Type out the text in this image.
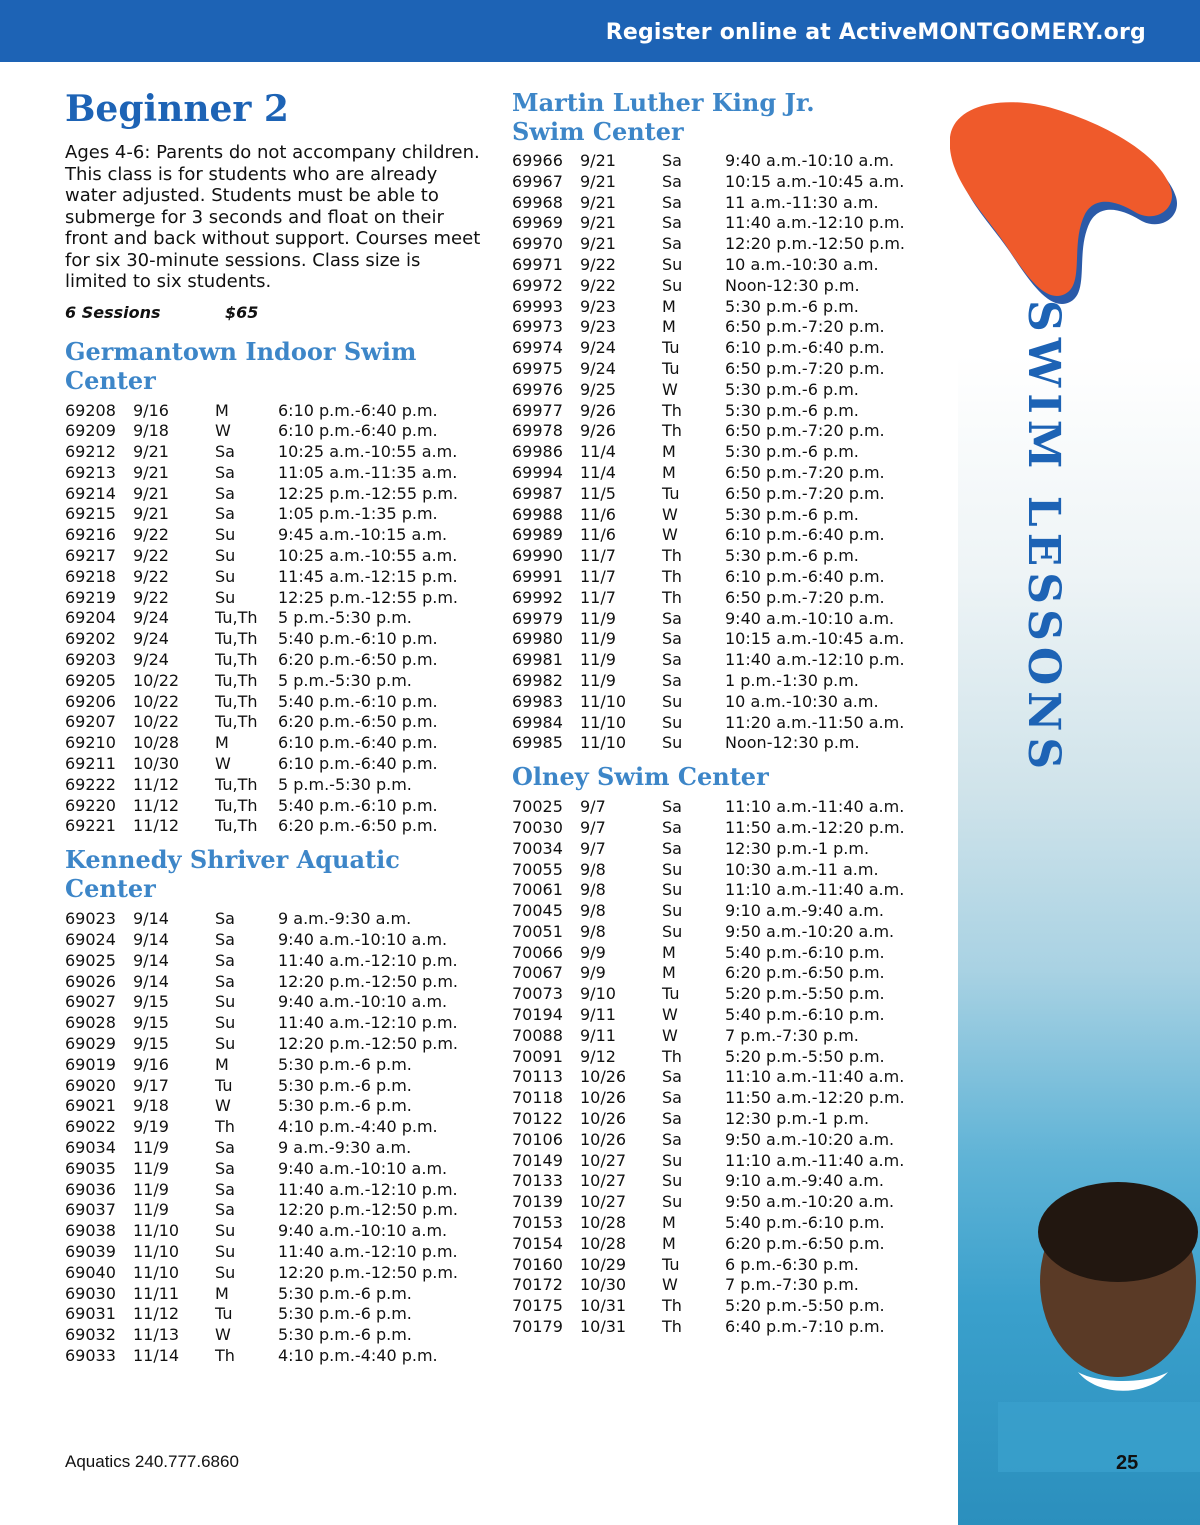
Register online at ActiveMONTGOMERY.org
Beginner 2

Ages 4-6: Parents do not accompany children. This class is for students who are already water adjusted. Students must be able to submerge for 3 seconds and float on their front and back without support. Courses meet for six 30-minute sessions. Class size is limited to six students.

6 Sessions	$65
Germantown Indoor Swim Center
69208 9/16	M	6:10 p.m.-6:40 p.m.
69209 9/18	W	6:10 p.m.-6:40 p.m.
69212 9/21	Sa	10:25 a.m.-10:55 a.m.
69213 9/21	Sa	11:05 a.m.-11:35 a.m.
69214 9/21	Sa	12:25 p.m.-12:55 p.m.
69215 9/21	Sa	1:05 p.m.-1:35 p.m.
69216 9/22	Su	9:45 a.m.-10:15 a.m.
69217 9/22	Su	10:25 a.m.-10:55 a.m.
69218 9/22	Su	11:45 a.m.-12:15 p.m.
69219 9/22	Su	12:25 p.m.-12:55 p.m.
69204 9/24	Tu,Th 5 p.m.-5:30 p.m.
69202 9/24	Tu,Th 5:40 p.m.-6:10 p.m.
69203 9/24	Tu,Th 6:20 p.m.-6:50 p.m.
69205 10/22 Tu,Th 5 p.m.-5:30 p.m.
69206 10/22 Tu,Th 5:40 p.m.-6:10 p.m.
69207 10/22 Tu,Th 6:20 p.m.-6:50 p.m.
69210 10/28 M	6:10 p.m.-6:40 p.m.
69211 10/30 W	6:10 p.m.-6:40 p.m.
69222 11/12 Tu,Th 5 p.m.-5:30 p.m.
69220 11/12 Tu,Th 5:40 p.m.-6:10 p.m.
69221 11/12 Tu,Th 6:20 p.m.-6:50 p.m.
Kennedy Shriver Aquatic Center
69023 9/14	Sa	9 a.m.-9:30 a.m.
69024 9/14	Sa	9:40 a.m.-10:10 a.m.
69025 9/14	Sa	11:40 a.m.-12:10 p.m.
69026 9/14	Sa	12:20 p.m.-12:50 p.m.
69027 9/15	Su	9:40 a.m.-10:10 a.m.
69028 9/15	Su	11:40 a.m.-12:10 p.m.
69029 9/15	Su	12:20 p.m.-12:50 p.m.
69019 9/16	M	5:30 p.m.-6 p.m.
69020 9/17	Tu	5:30 p.m.-6 p.m.
69021 9/18	W	5:30 p.m.-6 p.m.
69022 9/19	Th	4:10 p.m.-4:40 p.m.
69034 11/9	Sa	9 a.m.-9:30 a.m.
69035 11/9	Sa	9:40 a.m.-10:10 a.m.
69036 11/9	Sa	11:40 a.m.-12:10 p.m.
69037 11/9	Sa	12:20 p.m.-12:50 p.m.
69038 11/10 Su	9:40 a.m.-10:10 a.m.
69039 11/10 Su	11:40 a.m.-12:10 p.m.
69040 11/10 Su	12:20 p.m.-12:50 p.m.
69030 11/11 M	5:30 p.m.-6 p.m.
69031 11/12 Tu	5:30 p.m.-6 p.m.
69032 11/13 W	5:30 p.m.-6 p.m.
69033 11/14 Th	4:10 p.m.-4:40 p.m.
Martin Luther King Jr. Swim Center
69966 9/21	Sa	9:40 a.m.-10:10 a.m.
69967 9/21	Sa	10:15 a.m.-10:45 a.m.
69968 9/21	Sa	11 a.m.-11:30 a.m.
69969 9/21	Sa	11:40 a.m.-12:10 p.m.
69970 9/21	Sa	12:20 p.m.-12:50 p.m.
69971 9/22	Su	10 a.m.-10:30 a.m.
69972 9/22	Su	Noon-12:30 p.m.
69993 9/23	M	5:30 p.m.-6 p.m.
69973 9/23	M	6:50 p.m.-7:20 p.m.
69974 9/24	Tu	6:10 p.m.-6:40 p.m.
69975 9/24	Tu	6:50 p.m.-7:20 p.m.
69976 9/25	W	5:30 p.m.-6 p.m.
69977 9/26	Th	5:30 p.m.-6 p.m.
69978 9/26	Th	6:50 p.m.-7:20 p.m.
69986 11/4	M	5:30 p.m.-6 p.m.
69994 11/4	M	6:50 p.m.-7:20 p.m.
69987 11/5	Tu	6:50 p.m.-7:20 p.m.
69988 11/6	W	5:30 p.m.-6 p.m.
69989 11/6	W	6:10 p.m.-6:40 p.m.
69990 11/7	Th	5:30 p.m.-6 p.m.
69991 11/7	Th	6:10 p.m.-6:40 p.m.
69992 11/7	Th	6:50 p.m.-7:20 p.m.
69979 11/9	Sa	9:40 a.m.-10:10 a.m.
69980 11/9	Sa	10:15 a.m.-10:45 a.m.
69981 11/9	Sa	11:40 a.m.-12:10 p.m.
69982 11/9	Sa	1 p.m.-1:30 p.m.
69983 11/10 Su	10 a.m.-10:30 a.m.
69984 11/10 Su	11:20 a.m.-11:50 a.m.
69985 11/10 Su	Noon-12:30 p.m.
Olney Swim Center
70025 9/7	Sa	11:10 a.m.-11:40 a.m.
70030 9/7	Sa	11:50 a.m.-12:20 p.m.
70034 9/7	Sa	12:30 p.m.-1 p.m.
70055 9/8	Su	10:30 a.m.-11 a.m.
70061 9/8	Su	11:10 a.m.-11:40 a.m.
70045 9/8	Su	9:10 a.m.-9:40 a.m.
70051 9/8	Su	9:50 a.m.-10:20 a.m.
70066 9/9	M	5:40 p.m.-6:10 p.m.
70067 9/9	M	6:20 p.m.-6:50 p.m.
70073 9/10	Tu	5:20 p.m.-5:50 p.m.
70194 9/11	W	5:40 p.m.-6:10 p.m.
70088 9/11	W	7 p.m.-7:30 p.m.
70091 9/12	Th	5:20 p.m.-5:50 p.m.
70113 10/26 Sa	11:10 a.m.-11:40 a.m.
70118 10/26 Sa	11:50 a.m.-12:20 p.m.
70122 10/26 Sa	12:30 p.m.-1 p.m.
70106 10/26 Sa	9:50 a.m.-10:20 a.m.
70149 10/27 Su	11:10 a.m.-11:40 a.m.
70133 10/27 Su	9:10 a.m.-9:40 a.m.
70139 10/27 Su	9:50 a.m.-10:20 a.m.
70153 10/28 M	5:40 p.m.-6:10 p.m.
70154 10/28 M	6:20 p.m.-6:50 p.m.
70160 10/29 Tu	6 p.m.-6:30 p.m.
70172 10/30 W	7 p.m.-7:30 p.m.
70175 10/31 Th	5:20 p.m.-5:50 p.m.
70179 10/31 Th	6:40 p.m.-7:10 p.m.
SWIM LESSONS
Aquatics 240.777.6860	25
